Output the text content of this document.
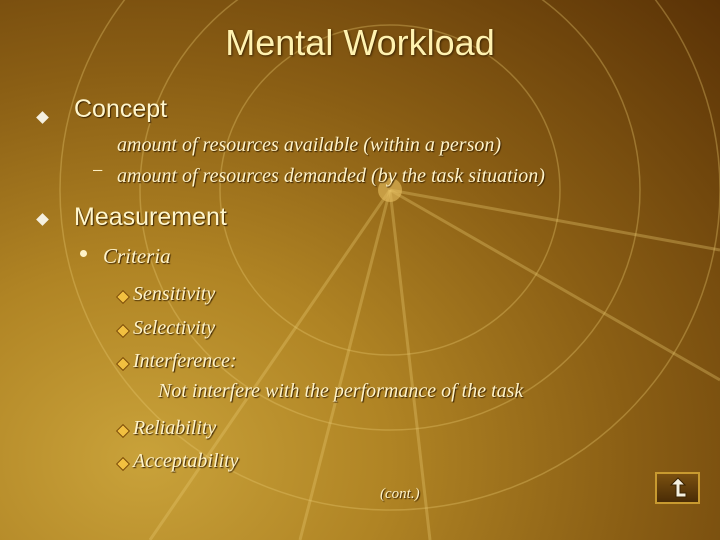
Mental Workload
Concept
amount of resources available (within a person)
− amount of resources demanded (by the task situation)
Measurement
Criteria
Sensitivity
Selectivity
Interference:
Not interfere with the performance of the task
Reliability
Acceptability
(cont.)
